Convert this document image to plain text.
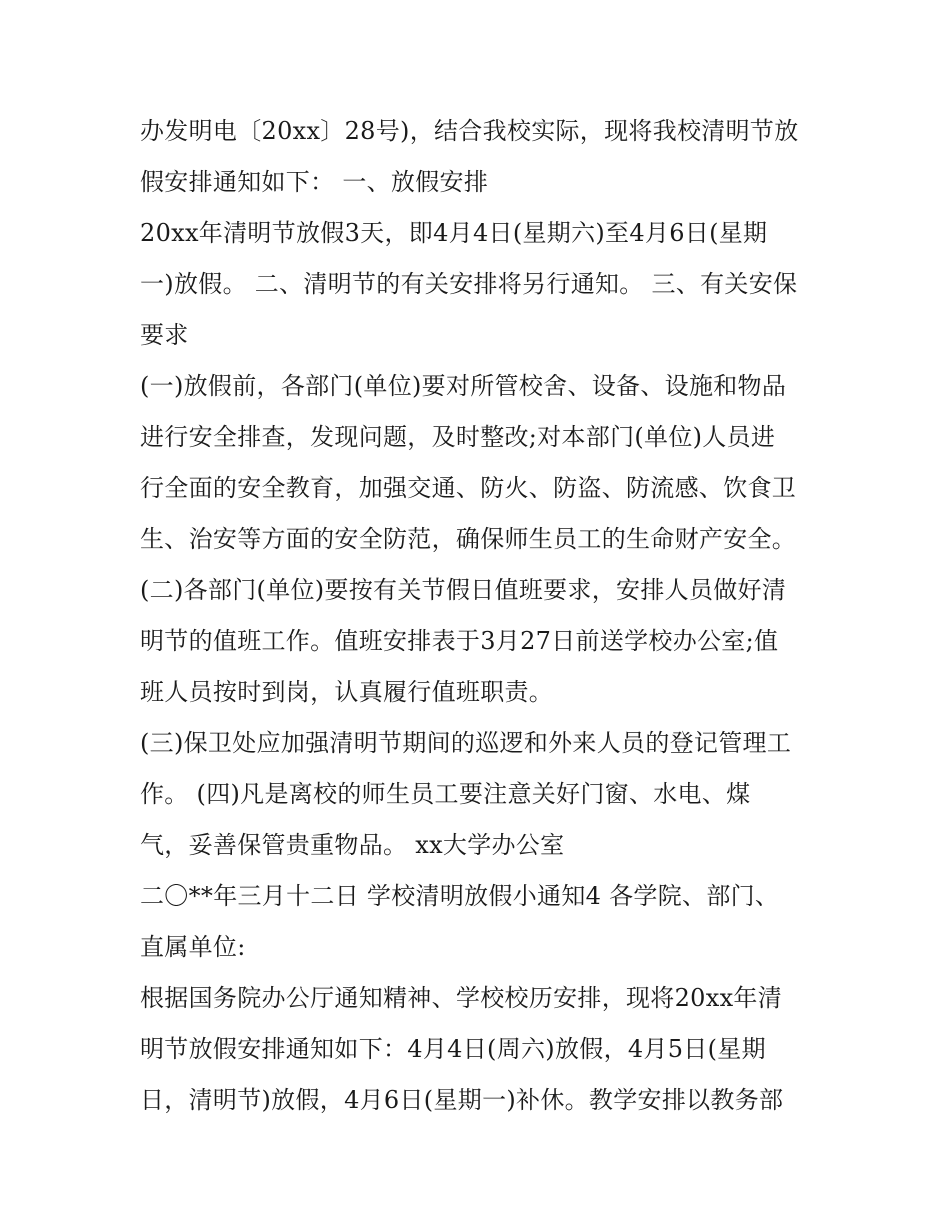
办发明电〔20xx〕28号)，结合我校实际，现将我校清明节放
假安排通知如下： 一、放假安排
20xx年清明节放假3天，即4月4日(星期六)至4月6日(星期
一)放假。 二、清明节的有关安排将另行通知。 三、有关安保
要求
(一)放假前，各部门(单位)要对所管校舍、设备、设施和物品
进行安全排查，发现问题，及时整改;对本部门(单位)人员进
行全面的安全教育，加强交通、防火、防盗、防流感、饮食卫
生、治安等方面的安全防范，确保师生员工的生命财产安全。
(二)各部门(单位)要按有关节假日值班要求，安排人员做好清
明节的值班工作。值班安排表于3月27日前送学校办公室;值
班人员按时到岗，认真履行值班职责。
(三)保卫处应加强清明节期间的巡逻和外来人员的登记管理工
作。 (四)凡是离校的师生员工要注意关好门窗、水电、煤
气，妥善保管贵重物品。 xx大学办公室
二〇**年三月十二日 学校清明放假小通知4 各学院、部门、
直属单位:
根据国务院办公厅通知精神、学校校历安排，现将20xx年清
明节放假安排通知如下：4月4日(周六)放假，4月5日(星期
日，清明节)放假，4月6日(星期一)补休。教学安排以教务部
